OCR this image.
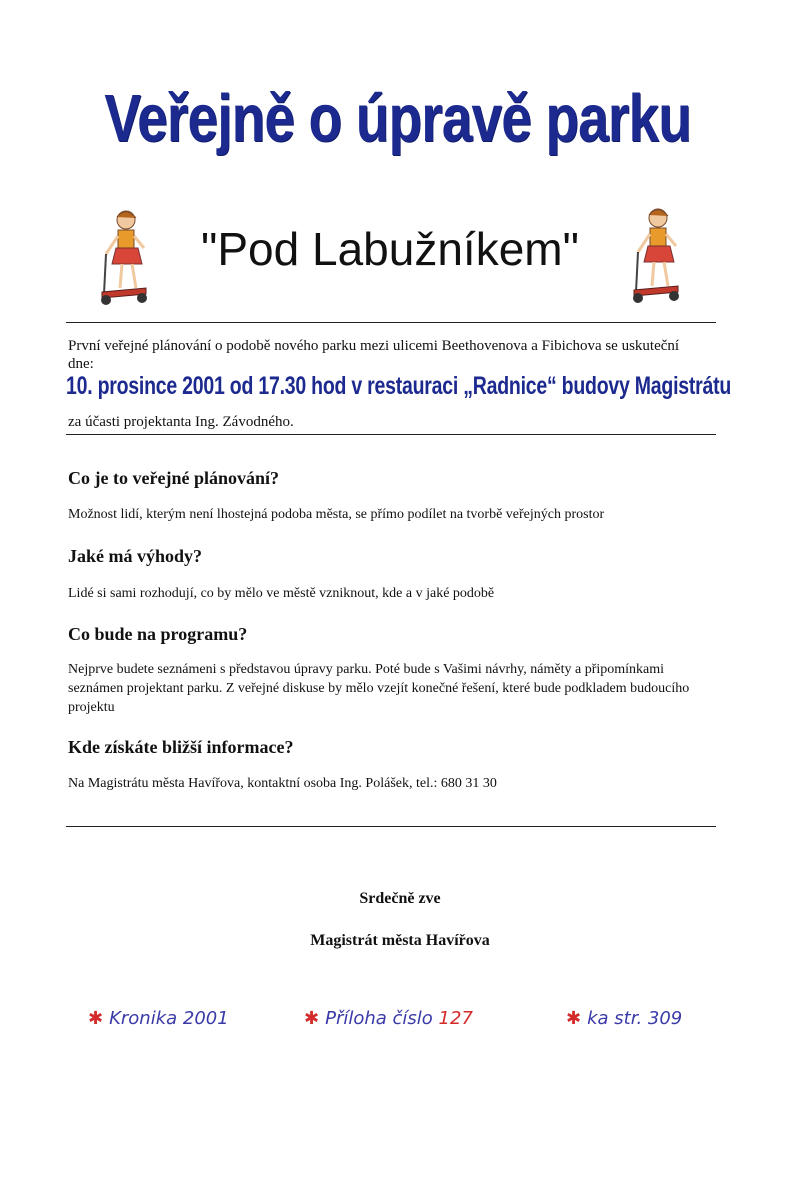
Veřejně o úpravě parku
"Pod Labužníkem"
První veřejné plánování o podobě nového parku mezi ulicemi Beethovenova a Fibichova se uskuteční dne:
10. prosince 2001 od 17.30 hod v restauraci „Radnice“ budovy Magistrátu
za účasti projektanta Ing. Závodného.
Co je to veřejné plánování?
Možnost lidí, kterým není lhostejná podoba města, se přímo podílet na tvorbě veřejných prostor
Jaké má výhody?
Lidé si sami rozhodují, co by mělo ve městě vzniknout, kde a v jaké podobě
Co bude na programu?
Nejprve budete seznámeni s představou úpravy parku. Poté bude s Vašimi návrhy, náměty a připomínkami seznámen projektant parku. Z veřejné diskuse by mělo vzejít konečné řešení, které bude podkladem budoucího projektu
Kde získáte bližší informace?
Na Magistrátu města Havířova, kontaktní osoba Ing. Polášek, tel.: 680 31 30
Srdečně zve
Magistrát města Havířova
✱ Kronika 2001	✱ Příloha číslo 127	✱ ka str. 309
